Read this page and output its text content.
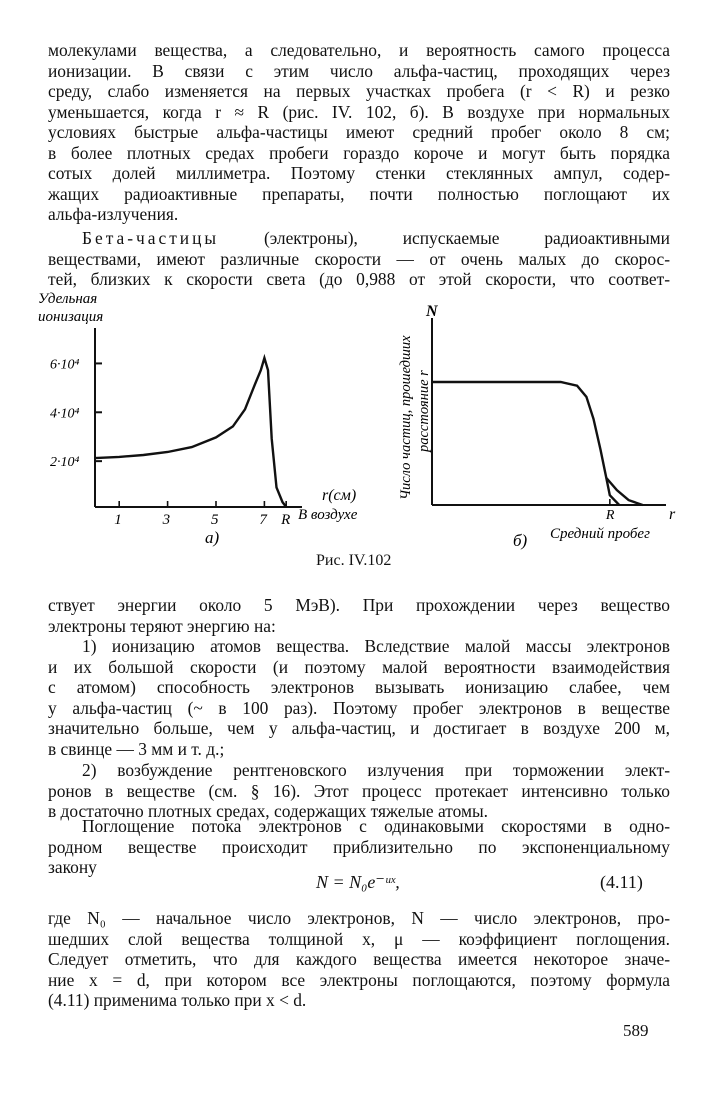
молекулами вещества, а следовательно, и вероятность самого процесса
ионизации. В связи с этим число альфа-частиц, проходящих через
среду, слабо изменяется на первых участках пробега (r < R) и резко
уменьшается, когда r ≈ R (рис. IV. 102, б). В воздухе при нормальных
условиях быстрые альфа-частицы имеют средний пробег около 8 см;
в более плотных средах пробеги гораздо короче и могут быть порядка
сотых долей миллиметра. Поэтому стенки стеклянных ампул, содер-
жащих радиоактивные препараты, почти полностью поглощают их
альфа-излучения.
Бета-частицы	(электроны), испускаемые радиоактивными
веществами, имеют различные скорости — от очень малых до скорос-
тей, близких к скорости света (до 0,988 от этой скорости, что соответ-
Удельная
ионизация
2·10⁴
4·10⁴
6·10⁴
1	3	5	7 R
r(см)
В воздухе
а)
N
r
Число частиц, прошедших расстояние r
R
Средний пробег
б)
Рис. IV.102
ствует энергии около 5 МэВ). При прохождении через вещество
электроны теряют энергию на:
1) ионизацию атомов вещества. Вследствие малой массы электронов
и их большой скорости (и поэтому малой вероятности взаимодействия
с атомом) способность электронов вызывать ионизацию слабее, чем
у альфа-частиц (~ в 100 раз). Поэтому пробег электронов в веществе
значительно больше, чем у альфа-частиц, и достигает в воздухе 200 м,
в свинце — 3 мм и т. д.;
2) возбуждение рентгеновского излучения при торможении элект-
ронов в веществе (см. § 16). Этот процесс протекает интенсивно только
в достаточно плотных средах, содержащих тяжелые атомы.
Поглощение потока электронов с одинаковыми скоростями в одно-
родном веществе происходит приблизительно по экспоненциальному
закону
N = N₀e⁻ᵘˣ,	(4.11)
где N₀ — начальное число электронов, N — число электронов, про-
шедших слой вещества толщиной x, μ — коэффициент поглощения.
Следует отметить, что для каждого вещества имеется некоторое значе-
ние x = d, при котором все электроны поглощаются, поэтому формула
(4.11) применима только при x < d.
589
